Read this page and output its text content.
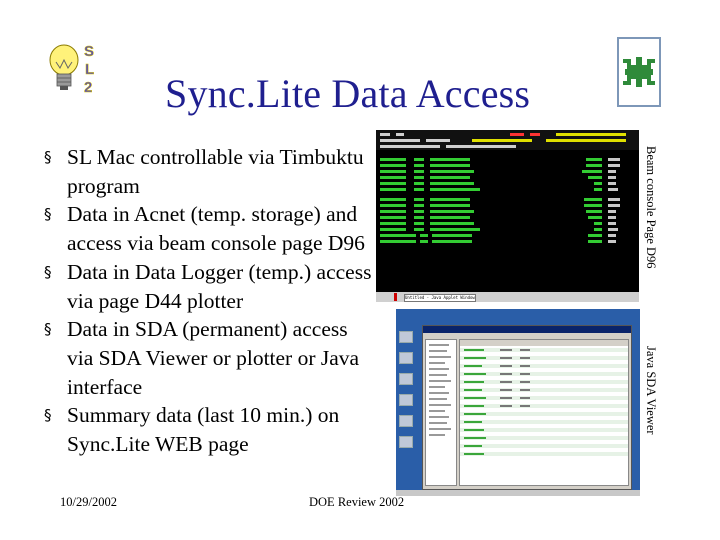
S
L
2 Sync.Lite Data Access
§ SL Mac controllable via Timbuktu program
§ Data in Acnet (temp. storage) and access via beam console page D96
§ Data in Data Logger (temp.) access via page D44 plotter
§ Data in SDA (permanent) access via SDA Viewer or plotter or Java interface
§ Summary data (last 10 min.) on Sync.Lite WEB page
Untitled - Java Applet Window
Beam console Page D96
Java SDA Viewer
10/29/2002	DOE Review 2002
